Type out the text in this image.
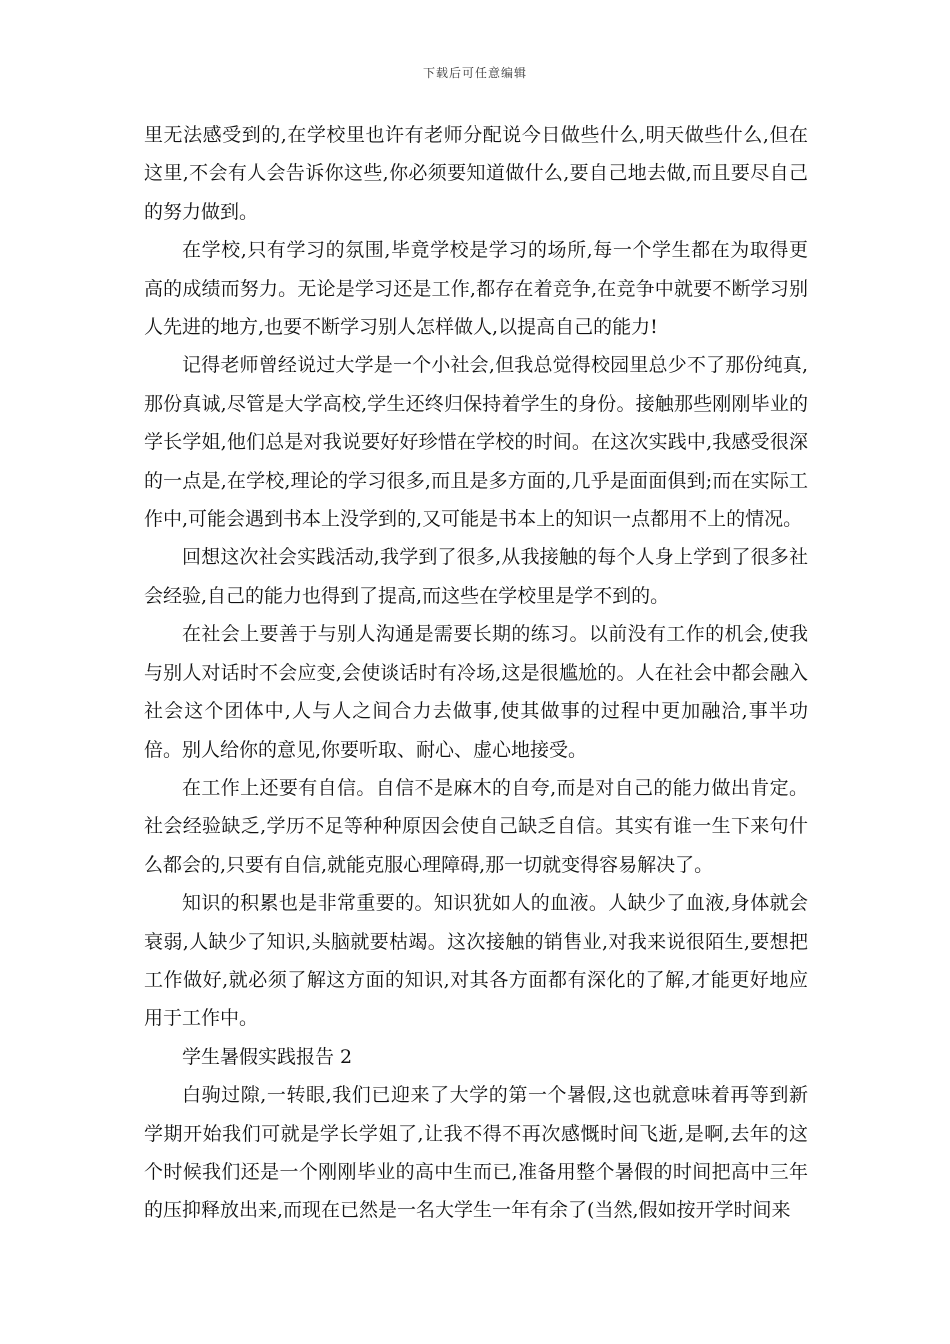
下载后可任意编辑

里无法感受到的,在学校里也许有老师分配说今日做些什么,明天做些什么,但在这里,不会有人会告诉你这些,你必须要知道做什么,要自己地去做,而且要尽自己的努力做到。

在学校,只有学习的氛围,毕竟学校是学习的场所,每一个学生都在为取得更高的成绩而努力。无论是学习还是工作,都存在着竞争,在竞争中就要不断学习别人先进的地方,也要不断学习别人怎样做人,以提高自己的能力!

记得老师曾经说过大学是一个小社会,但我总觉得校园里总少不了那份纯真,那份真诚,尽管是大学高校,学生还终归保持着学生的身份。接触那些刚刚毕业的学长学姐,他们总是对我说要好好珍惜在学校的时间。在这次实践中,我感受很深的一点是,在学校,理论的学习很多,而且是多方面的,几乎是面面俱到;而在实际工作中,可能会遇到书本上没学到的,又可能是书本上的知识一点都用不上的情况。

回想这次社会实践活动,我学到了很多,从我接触的每个人身上学到了很多社会经验,自己的能力也得到了提高,而这些在学校里是学不到的。

在社会上要善于与别人沟通是需要长期的练习。以前没有工作的机会,使我与别人对话时不会应变,会使谈话时有冷场,这是很尴尬的。人在社会中都会融入社会这个团体中,人与人之间合力去做事,使其做事的过程中更加融洽,事半功倍。别人给你的意见,你要听取、耐心、虚心地接受。

在工作上还要有自信。自信不是麻木的自夸,而是对自己的能力做出肯定。社会经验缺乏,学历不足等种种原因会使自己缺乏自信。其实有谁一生下来句什么都会的,只要有自信,就能克服心理障碍,那一切就变得容易解决了。

知识的积累也是非常重要的。知识犹如人的血液。人缺少了血液,身体就会衰弱,人缺少了知识,头脑就要枯竭。这次接触的销售业,对我来说很陌生,要想把工作做好,就必须了解这方面的知识,对其各方面都有深化的了解,才能更好地应用于工作中。

学生暑假实践报告 2

白驹过隙,一转眼,我们已迎来了大学的第一个暑假,这也就意味着再等到新学期开始我们可就是学长学姐了,让我不得不再次感慨时间飞逝,是啊,去年的这个时候我们还是一个刚刚毕业的高中生而已,准备用整个暑假的时间把高中三年的压抑释放出来,而现在已然是一名大学生一年有余了(当然,假如按开学时间来
